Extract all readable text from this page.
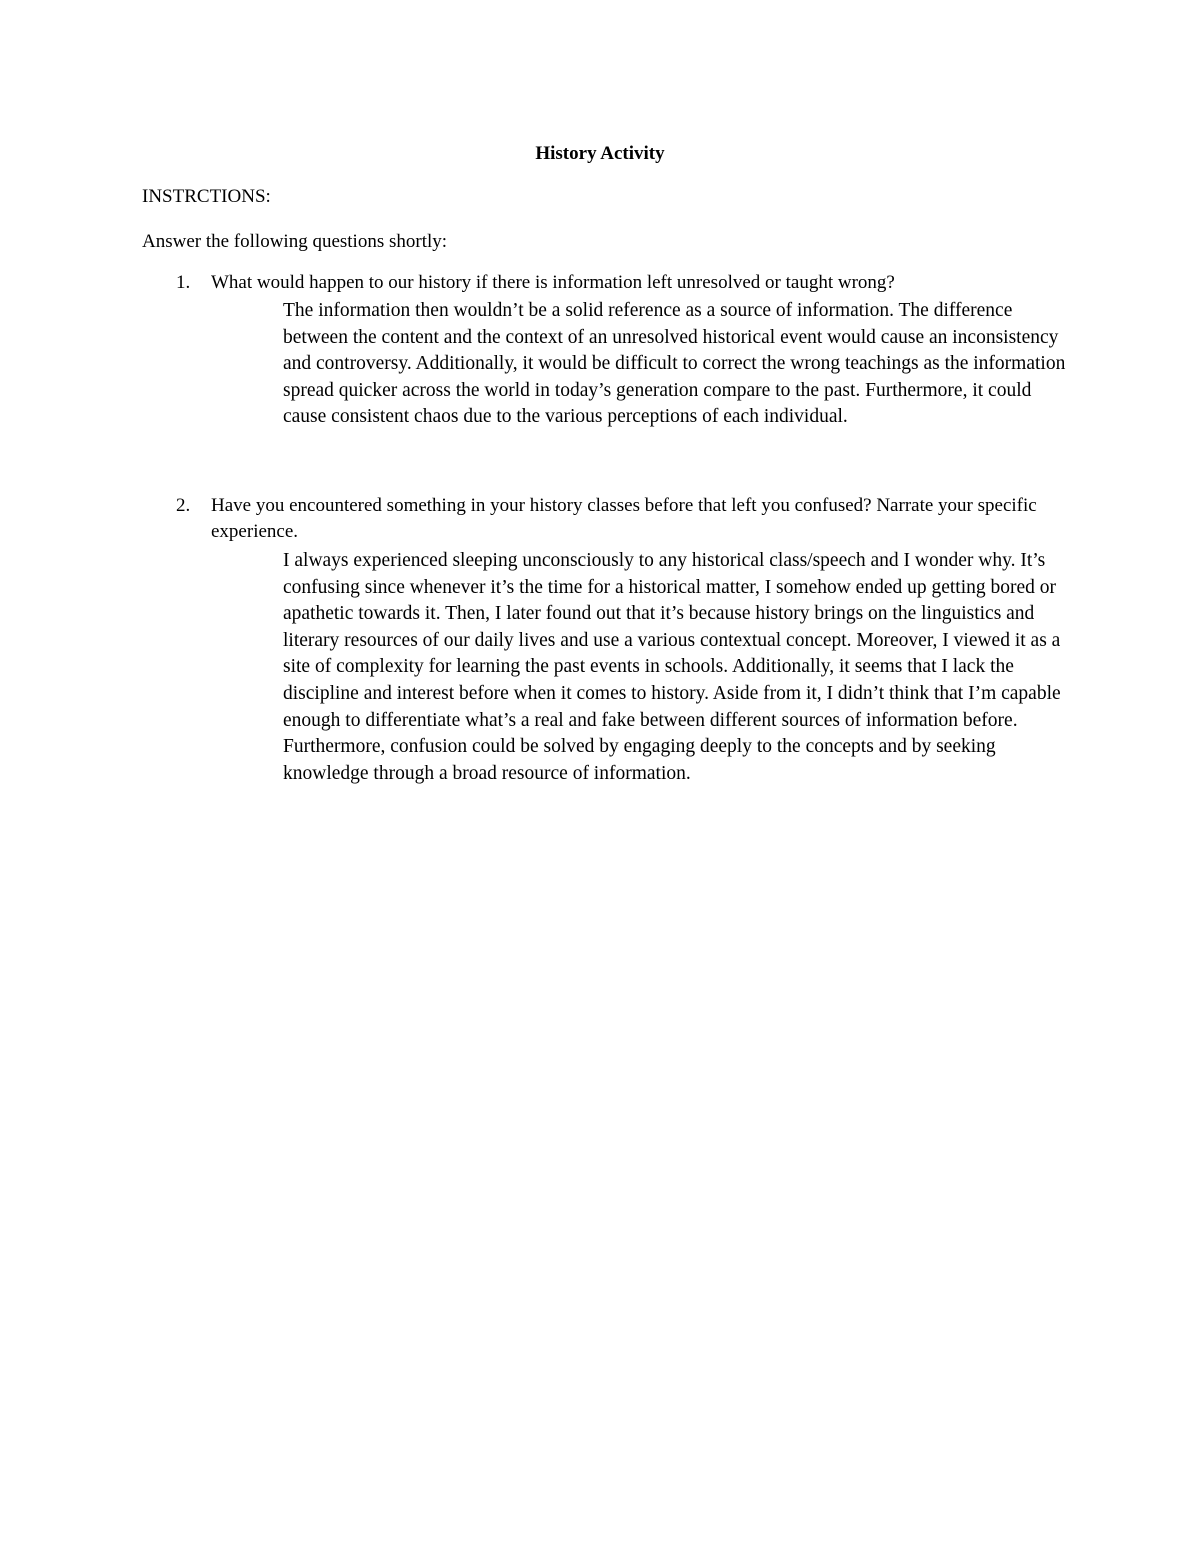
History Activity

INSTRCTIONS:

Answer the following questions shortly:

1. What would happen to our history if there is information left unresolved or taught wrong?

The information then wouldn’t be a solid reference as a source of information. The difference between the content and the context of an unresolved historical event would cause an inconsistency and controversy. Additionally, it would be difficult to correct the wrong teachings as the information spread quicker across the world in today’s generation compare to the past. Furthermore, it could cause consistent chaos due to the various perceptions of each individual.

2. Have you encountered something in your history classes before that left you confused? Narrate your specific experience.

I always experienced sleeping unconsciously to any historical class/speech and I wonder why. It’s confusing since whenever it’s the time for a historical matter, I somehow ended up getting bored or apathetic towards it. Then, I later found out that it’s because history brings on the linguistics and literary resources of our daily lives and use a various contextual concept. Moreover, I viewed it as a site of complexity for learning the past events in schools. Additionally, it seems that I lack the discipline and interest before when it comes to history. Aside from it, I didn’t think that I’m capable enough to differentiate what’s a real and fake between different sources of information before. Furthermore, confusion could be solved by engaging deeply to the concepts and by seeking knowledge through a broad resource of information.
